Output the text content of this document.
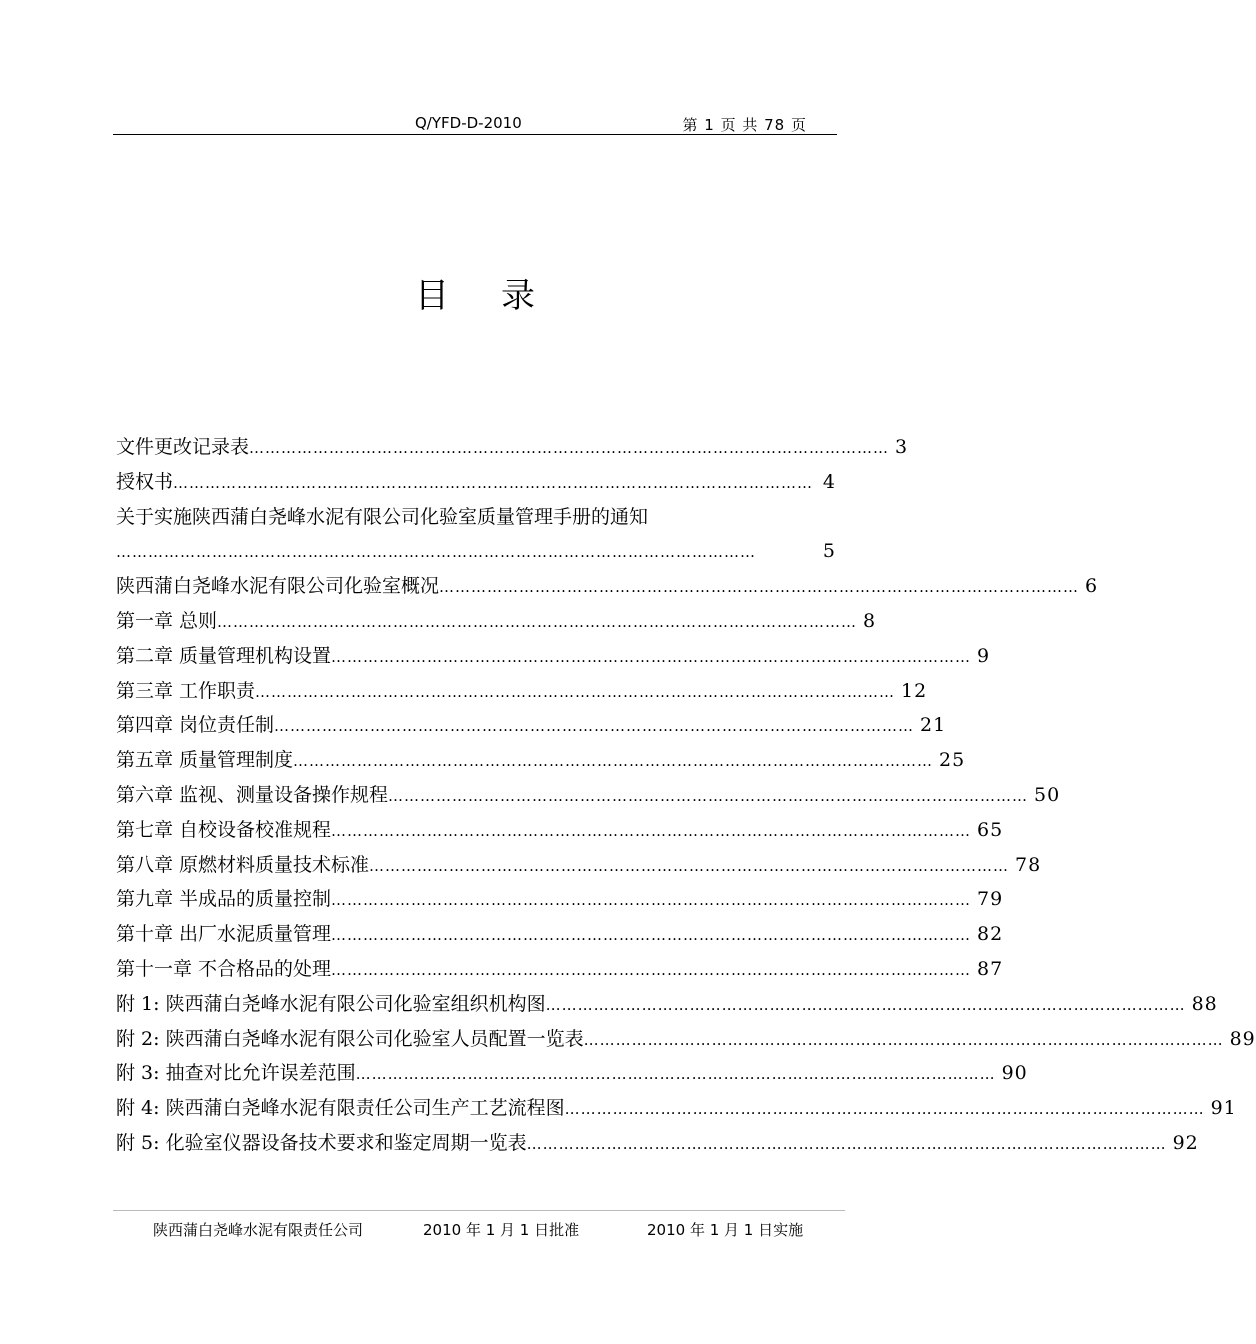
Q/YFD-D-2010	第 1 页 共 78 页
目录
文件更改记录表 ………………………………………………………………………………………………………… 3
授权书 ………………………………………………………………………………………………………… 4
关于实施陕西蒲白尧峰水泥有限公司化验室质量管理手册的通知
…………………………………………………………………………………………………………	5
陕西蒲白尧峰水泥有限公司化验室概况 ………………………………………………………………………………………………………… 6
第一章 总则 ………………………………………………………………………………………………………… 8
第二章 质量管理机构设置 ………………………………………………………………………………………………………… 9
第三章 工作职责 ………………………………………………………………………………………………………… 12
第四章 岗位责任制 ………………………………………………………………………………………………………… 21
第五章 质量管理制度 ………………………………………………………………………………………………………… 25
第六章 监视、测量设备操作规程 ………………………………………………………………………………………………………… 50
第七章 自校设备校准规程 ………………………………………………………………………………………………………… 65
第八章 原燃材料质量技术标准 ………………………………………………………………………………………………………… 78
第九章 半成品的质量控制 ………………………………………………………………………………………………………… 79
第十章 出厂水泥质量管理 ………………………………………………………………………………………………………… 82
第十一章 不合格品的处理 ………………………………………………………………………………………………………… 87
附 1: 陕西蒲白尧峰水泥有限公司化验室组织机构图 ………………………………………………………………………………………………………… 88
附 2: 陕西蒲白尧峰水泥有限公司化验室人员配置一览表 ………………………………………………………………………………………………………… 89
附 3: 抽查对比允许误差范围 ………………………………………………………………………………………………………… 90
附 4: 陕西蒲白尧峰水泥有限责任公司生产工艺流程图 ………………………………………………………………………………………………………… 91
附 5: 化验室仪器设备技术要求和鉴定周期一览表 ………………………………………………………………………………………………………… 92
陕西蒲白尧峰水泥有限责任公司	2010 年 1 月 1 日批准	2010 年 1 月 1 日实施
